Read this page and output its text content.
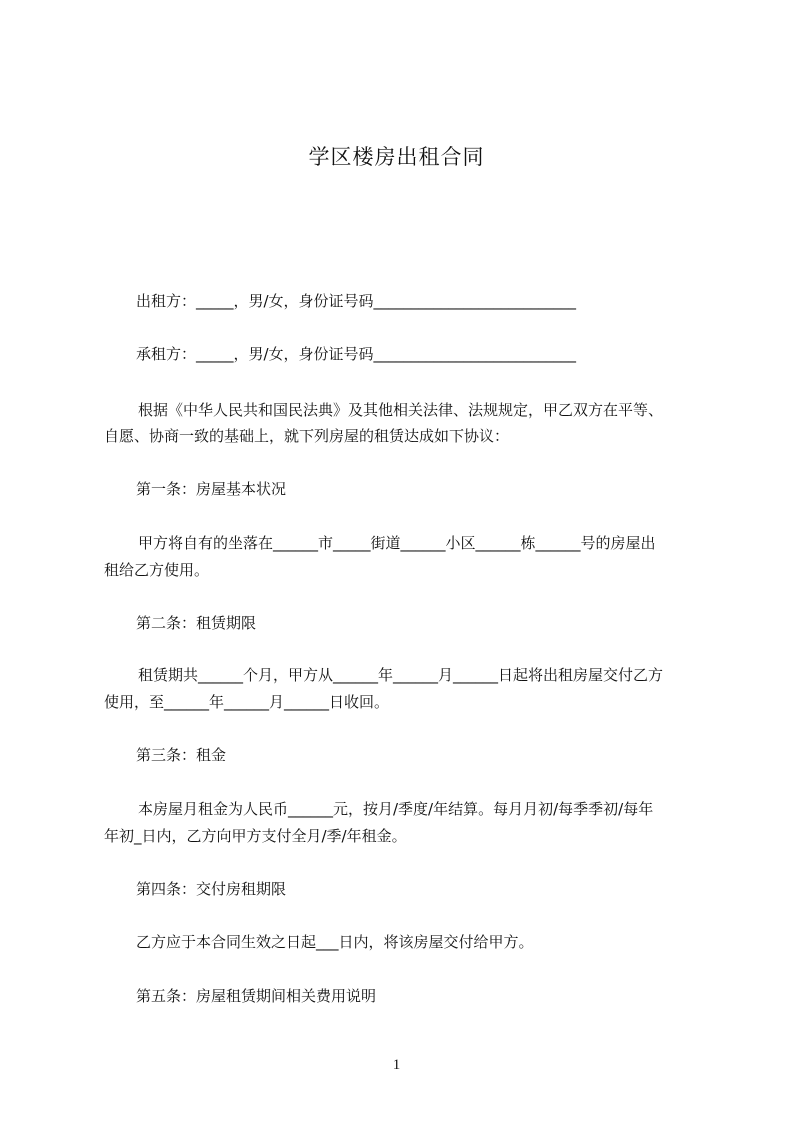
学区楼房出租合同
出租方：_____，男/女，身份证号码___________________________
承租方：_____，男/女，身份证号码___________________________
根据《中华人民共和国民法典》及其他相关法律、法规规定，甲乙双方在平等、
自愿、协商一致的基础上，就下列房屋的租赁达成如下协议：
第一条：房屋基本状况
甲方将自有的坐落在______市_____街道______小区______栋______号的房屋出
租给乙方使用。
第二条：租赁期限
租赁期共______个月，甲方从______年______月______日起将出租房屋交付乙方
使用，至______年______月______日收回。
第三条：租金
本房屋月租金为人民币______元，按月/季度/年结算。每月月初/每季季初/每年
年初_日内，乙方向甲方支付全月/季/年租金。
第四条：交付房租期限
乙方应于本合同生效之日起___日内，将该房屋交付给甲方。
第五条：房屋租赁期间相关费用说明
1
